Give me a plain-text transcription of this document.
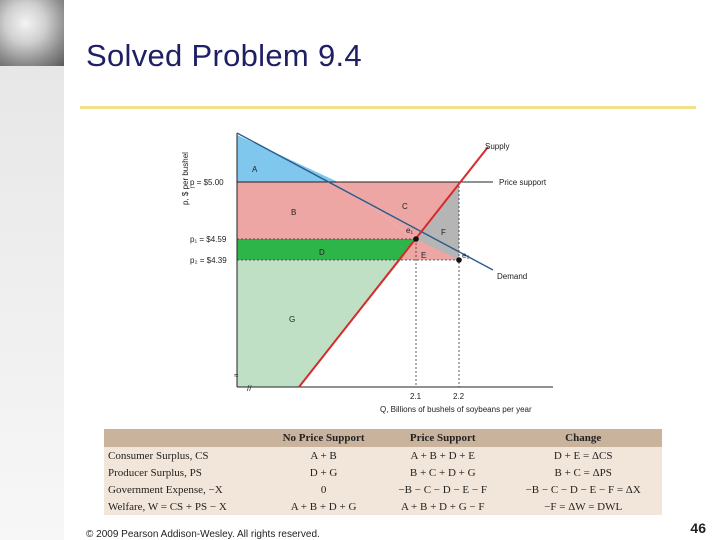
Solved Problem 9.4
≈
//
p, $ per bushel p̲ = $5.00
p₁ = $4.59
p₂ = $4.39
Supply
Price support
Demand
A
B
C
D	E
F
G
e₁
e₂
2.1	2.2
Q, Billions of bushels of soybeans per year
	No Price Support	Price Support	Change
Consumer Surplus, CS	A + B	A + B + D + E	D + E = ΔCS
Producer Surplus, PS	D + G	B + C + D + G	B + C = ΔPS
Government Expense, −X	0	−B − C − D − E − F	−B − C − D − E − F = ΔX
Welfare, W = CS + PS − X	A + B + D + G	A + B + D + G − F	−F = ΔW = DWL
© 2009 Pearson Addison-Wesley. All rights reserved.	46
